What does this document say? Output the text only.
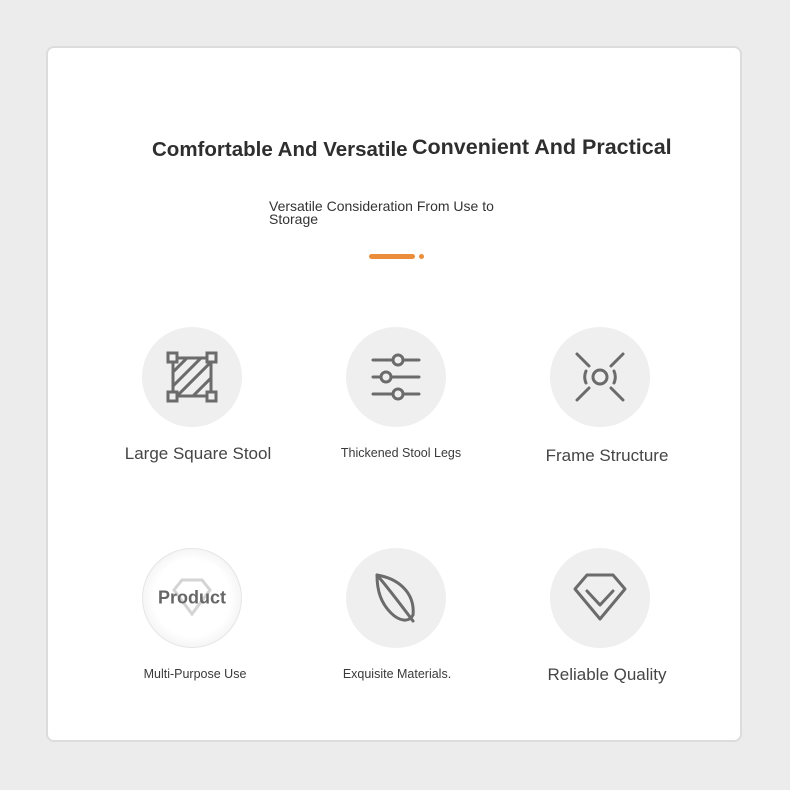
Comfortable And Versatile Convenient And Practical

Versatile Consideration From Use to Storage

Large Square Stool	Thickened Stool Legs	Frame Structure
Product
Multi-Purpose Use	Exquisite Materials.	Reliable Quality
